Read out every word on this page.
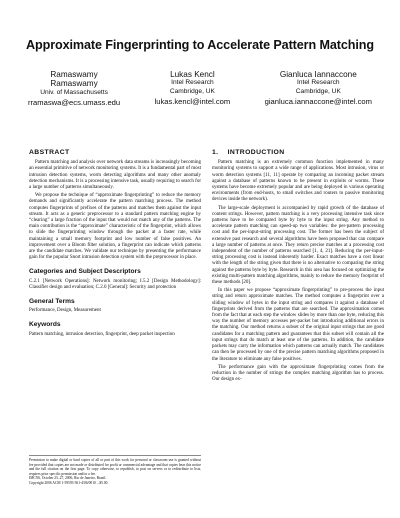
Approximate Fingerprinting to Accelerate Pattern Matching
Ramaswamy
Ramaswamy
Univ. of Massachusetts
rramaswa@ecs.umass.edu
Lukas Kencl
Intel Research
Cambridge, UK
lukas.kencl@intel.com
Gianluca Iannaccone
Intel Research
Cambridge, UK
gianluca.iannaccone@intel.com
ABSTRACT

Pattern matching and analysis over network data streams is increasingly becoming an essential primitive of network monitoring systems. It is a fundamental part of most intrusion detection systems, worm detecting algorithms and many other anomaly detection mechanisms. It is a processing intensive task, usually requiring to search for a large number of patterns simultaneously.

We propose the technique of “approximate fingerprinting” to reduce the memory demands and significantly accelerate the pattern matching process. The method computes fingerprints of prefixes of the patterns and matches them against the input stream. It acts as a generic preprocessor to a standard pattern matching engine by “clearing” a large fraction of the input that would not match any of the patterns. The main contribution is the “approximate” characteristic of the fingerprint, which allows to slide the fingerprinting window through the packet at a faster rate, while maintaining a small memory footprint and low number of false positives. An improvement over a Bloom filter solution, a fingerprint can indicate which patterns are the candidate matches. We validate our technique by presenting the performance gain for the popular Snort intrusion detection system with the preprocessor in place.

Categories and Subject Descriptors

C.2.1 [Network Operations]: Network monitoring; I.5.2 [Design Methodology]: Classifier design and evaluation; C.2.0 [General]: Security and protection

General Terms

Performance, Design, Measurement

Keywords

Pattern matching, intrusion detection, fingerprint, deep packet inspection

Permission to make digital or hard copies of all or part of this work for personal or classroom use is granted without fee provided that copies are not made or distributed for profit or commercial advantage and that copies bear this notice and the full citation on the first page. To copy otherwise, to republish, to post on servers or to redistribute to lists, requires prior specific permission and/or a fee.
IMC'06, October 25–27, 2006, Rio de Janeiro, Brazil.
Copyright 2006 ACM 1-59593-561-4/06/0010 ...$5.00.
1.    INTRODUCTION

Pattern matching is an extremely common function implemented in many monitoring systems to support a wide range of applications. Most intrusion, virus or worm detection systems [11, 11] operate by comparing an incoming packet stream against a database of patterns known to be present in exploits or worms. These systems have become extremely popular and are being deployed in various operating environments (from end-hosts, to small switches and routers to passive monitoring devices inside the network).

The large-scale deployment is accompanied by rapid growth of the database of content strings. However, pattern matching is a very processing intensive task since patterns have to be compared byte by byte to the input string. Any method to accelerate pattern matching can speed-up two variables: the per-pattern processing cost and the per-input-string processing cost. The former has been the subject of extensive past research and several algorithms have been proposed that can compare a large number of patterns at once. They return precise matches at a processing cost independent of the number of patterns searched [1, 4, 21]. Reducing the per-input-string processing cost is instead inherently harder. Exact matches have a cost linear with the length of the string given that there is no alternative to comparing the string against the patterns byte by byte. Research in this area has focused on optimizing the existing multi-pattern matching algorithms, mainly to reduce the memory footprint of these methods [20].

In this paper we propose “approximate fingerprinting” to pre-process the input string and return approximate matches. The method computes a fingerprint over a sliding window of bytes in the input string and compares it against a database of fingerprints derived from the patterns that are searched. The approximation comes from the fact that at each step the window slides by more than one byte, reducing this way the number of memory accesses per-packet but introducing additional errors in the matching. Our method returns a subset of the original input strings that are good candidates for a matching pattern and guarantees that this subset will contain all the input strings that do match at least one of the patterns. In addition, the candidate packets may carry the information which patterns can actually match. The candidates can then be processed by one of the precise pattern matching algorithms proposed in the literature to eliminate any false positives.

The performance gain with the approximate fingerprinting comes from the reduction in the number of strings the complex matching algorithm has to process. Our design ex-
